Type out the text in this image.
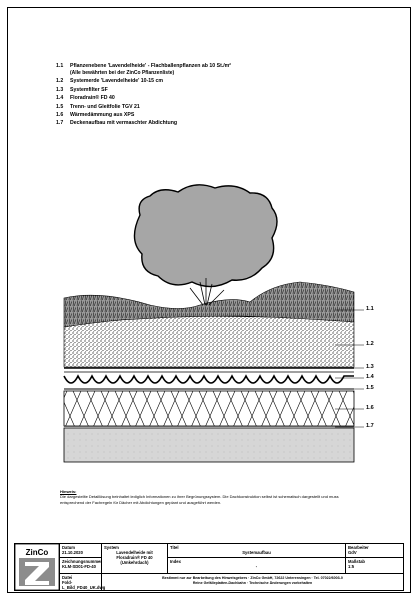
1.1	Pflanzenebene 'Lavendelheide' - Flachballenpflanzen ab 10 St./m²
(Alle bewährten bei der ZinCo Pflanzenliste)
1.2	Systemerde 'Lavendelheide' 10-15 cm
1.3	Systemfilter SF
1.4	Floradrain® FD 40
1.5	Trenn- und Gleitfolie TGV 21
1.6	Wärmedämmung aus XPS
1.7	Deckenaufbau mit vermaschter Abdichtung
1.1
1.2
1.3
1.4
1.5
1.6
1.7
Hinweis:
Die dargestellte Detaillösung beinhaltet lediglich Informationen zu ihrer Begrünungssystem. Die Dachkonstruktion selbst ist schematisch dargestellt und muss entsprechend der Fachregeln für Dächer mit Abdichtungen geplant und ausgeführt werden.
ZinCo
Datum
21.10.2020
Zeichnungsnummer
KLM-SD01-FD-40
Datei
Fold-L_Bild_FD40_UK.dwg
System
Lavendelheide mit Floradrain® FD 40 (Umkehrdach)
Titel
Systemaufbau
Index
-
Bearbeiter
GdV
Maßstab
1:5
Bestimmt nur zur Bearbeitung des Hinweisgebers · ZinCo GmbH, 72622 Unterensingen · Tel. 07022/6003-0
Reine Gefälleplatten-Dachbahn · Technische Änderungen vorbehalten
